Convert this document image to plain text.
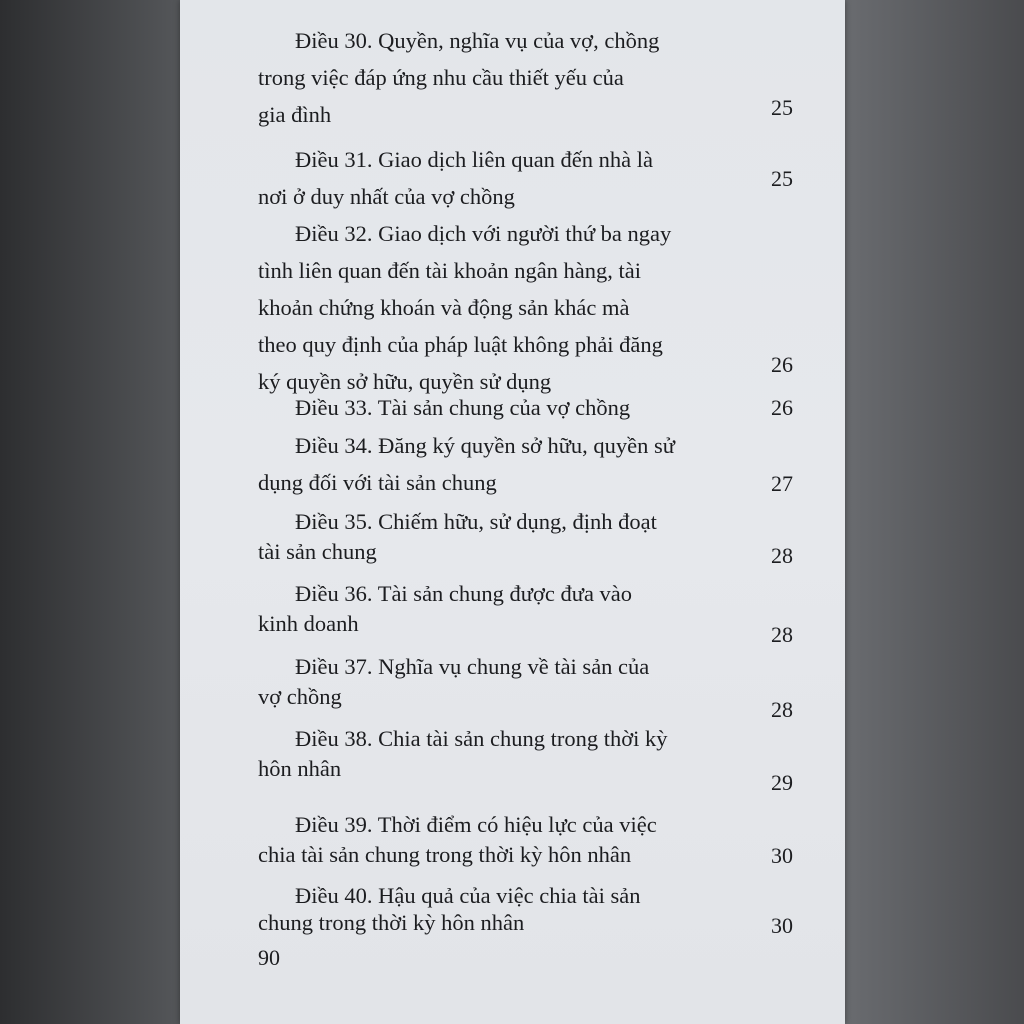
90
Điều 30. Quyền, nghĩa vụ của vợ, chồng
trong việc đáp ứng nhu cầu thiết yếu của
gia đình	25
Điều 31. Giao dịch liên quan đến nhà là
nơi ở duy nhất của vợ chồng
25
Điều 32. Giao dịch với người thứ ba ngay
tình liên quan đến tài khoản ngân hàng, tài
khoản chứng khoán và động sản khác mà
theo quy định của pháp luật không phải đăng
ký quyền sở hữu, quyền sử dụng
26
Điều 33. Tài sản chung của vợ chồng	26
Điều 34. Đăng ký quyền sở hữu, quyền sử
dụng đối với tài sản chung	27
Điều 35. Chiếm hữu, sử dụng, định đoạt
tài sản chung	28
Điều 36. Tài sản chung được đưa vào
kinh doanh	28
Điều 37. Nghĩa vụ chung về tài sản của
vợ chồng
28
Điều 38. Chia tài sản chung trong thời kỳ
hôn nhân
29
Điều 39. Thời điểm có hiệu lực của việc
chia tài sản chung trong thời kỳ hôn nhân	30
Điều 40. Hậu quả của việc chia tài sản
chung trong thời kỳ hôn nhân	30
